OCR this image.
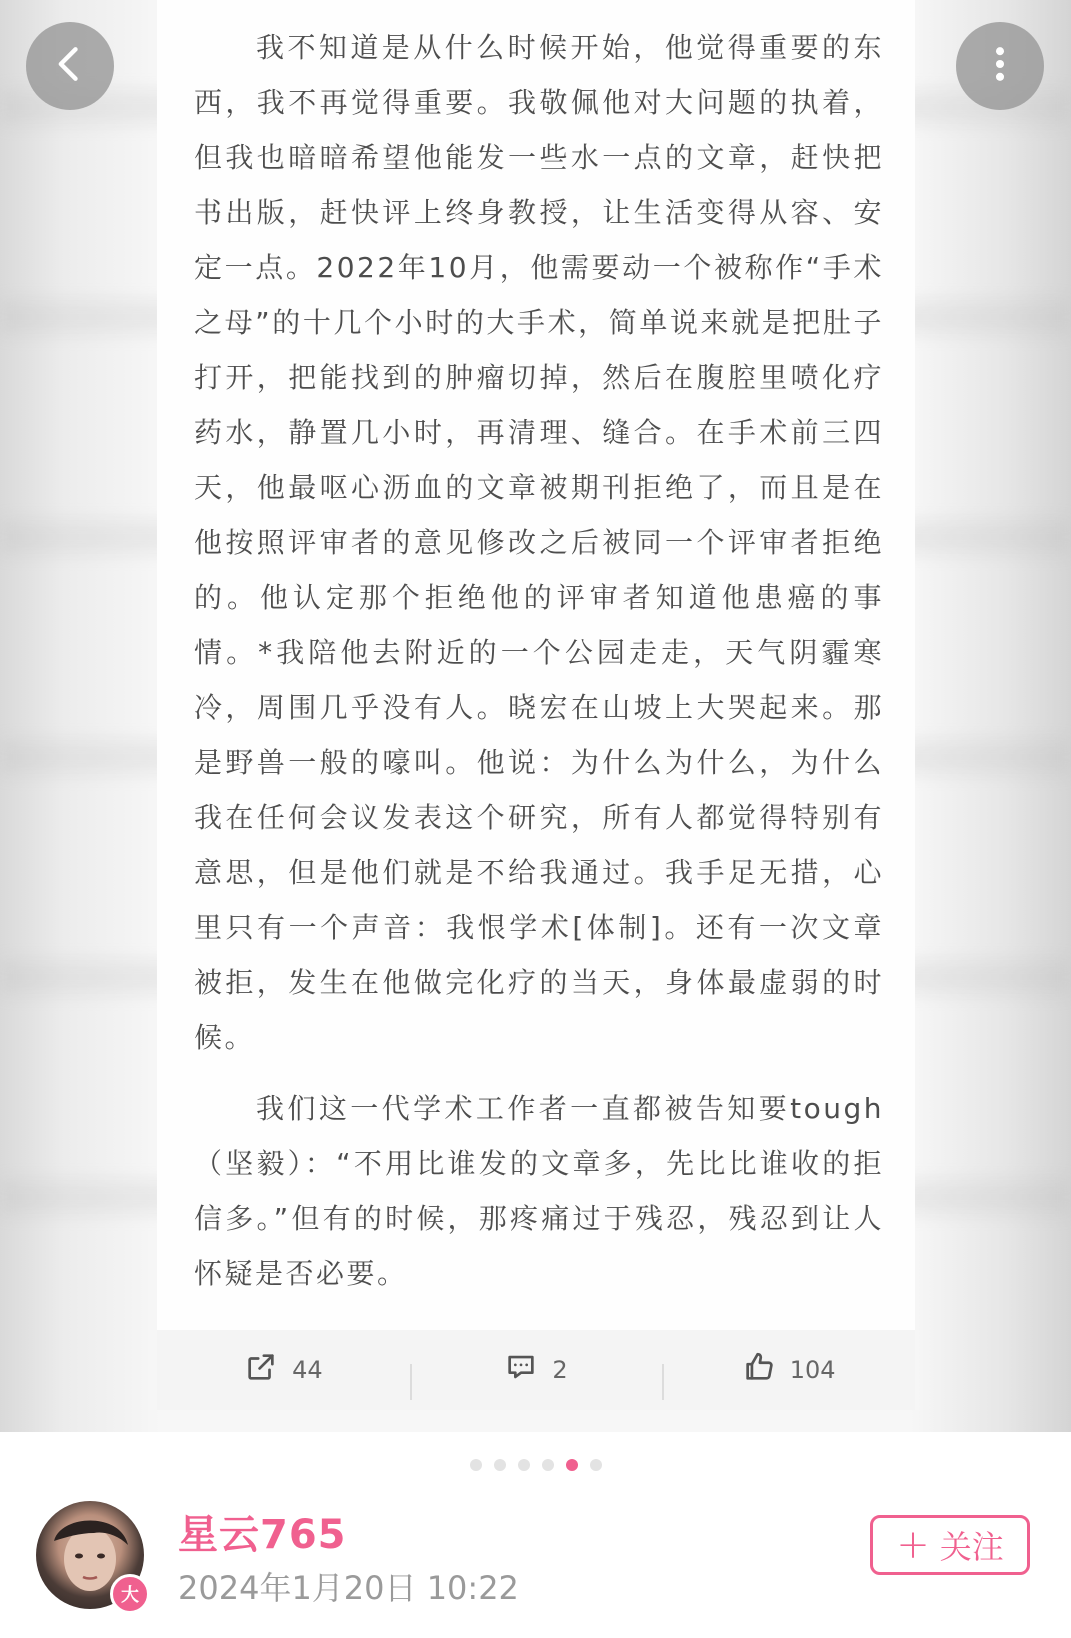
我不知道是从什么时候开始，他觉得重要的东西，我不再觉得重要。我敬佩他对大问题的执着，但我也暗暗希望他能发一些水一点的文章，赶快把书出版，赶快评上终身教授，让生活变得从容、安定一点。2022年10月，他需要动一个被称作“手术之母”的十几个小时的大手术，简单说来就是把肚子打开，把能找到的肿瘤切掉，然后在腹腔里喷化疗药水，静置几小时，再清理、缝合。在手术前三四天，他最呕心沥血的文章被期刊拒绝了，而且是在他按照评审者的意见修改之后被同一个评审者拒绝的。他认定那个拒绝他的评审者知道他患癌的事情。*我陪他去附近的一个公园走走，天气阴霾寒冷，周围几乎没有人。晓宏在山坡上大哭起来。那是野兽一般的嚎叫。他说：为什么为什么，为什么我在任何会议发表这个研究，所有人都觉得特别有意思，但是他们就是不给我通过。我手足无措，心里只有一个声音：我恨学术[体制]。还有一次文章被拒，发生在他做完化疗的当天，身体最虚弱的时候。

我们这一代学术工作者一直都被告知要tough（坚毅）：“不用比谁发的文章多，先比比谁收的拒信多。”但有的时候，那疼痛过于残忍，残忍到让人怀疑是否必要。

44	2	104
大
星云765
2024年1月20日 10:22
+ 关注
